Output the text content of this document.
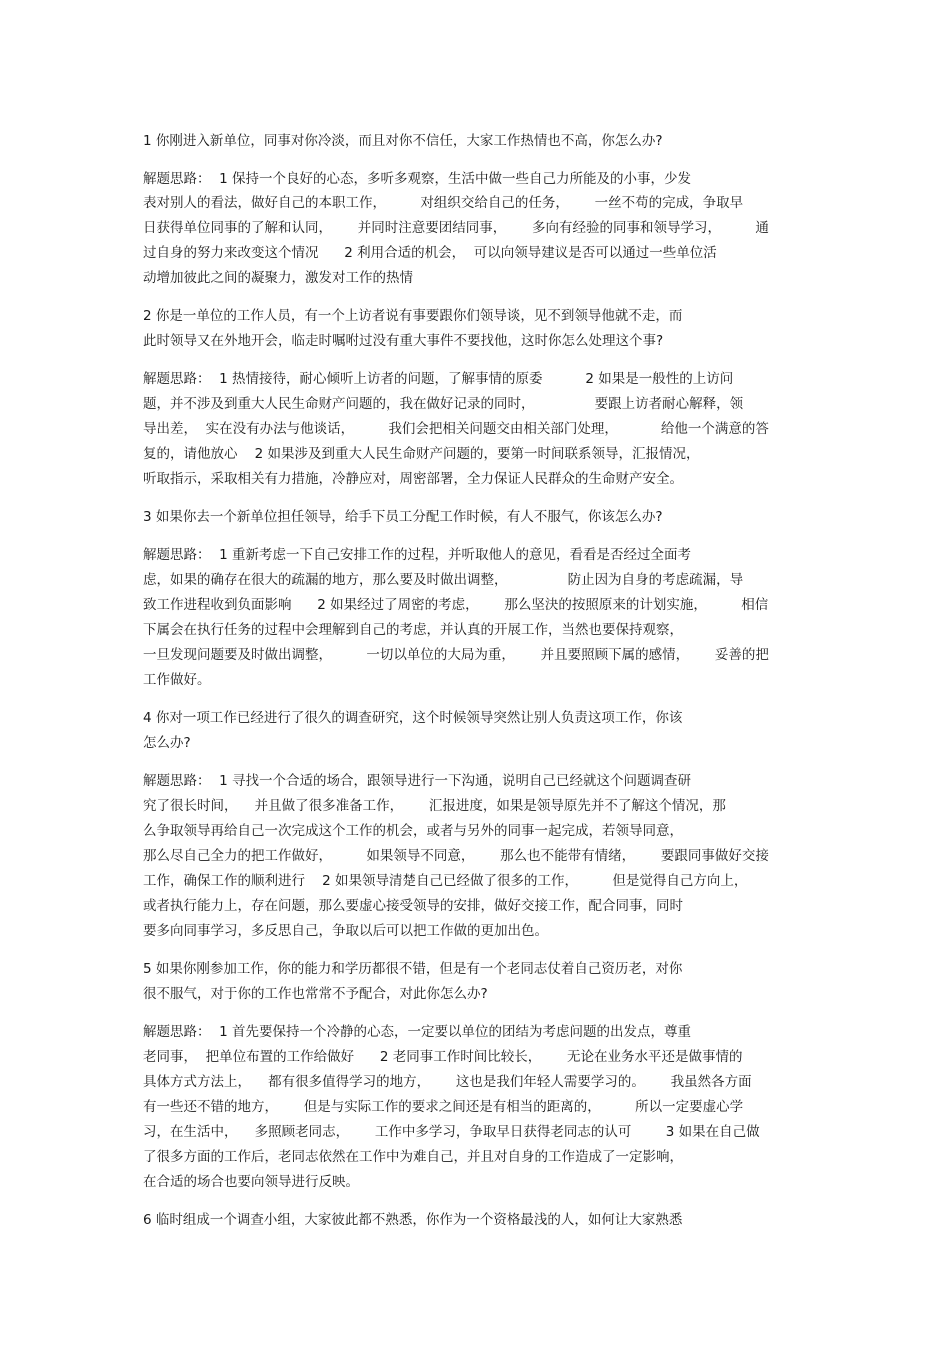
1 你刚进入新单位，同事对你冷淡，而且对你不信任，大家工作热情也不高，你怎么办?
解题思路：  1 保持一个良好的心态，多听多观察，生活中做一些自己力所能及的小事，少发
表对别人的看法，做好自己的本职工作，        对组织交给自己的任务，      一丝不苟的完成，争取早
日获得单位同事的了解和认同，      并同时注意要团结同事，      多向有经验的同事和领导学习，        通
过自身的努力来改变这个情况      2 利用合适的机会，  可以向领导建议是否可以通过一些单位活
动增加彼此之间的凝聚力，激发对工作的热情
2 你是一单位的工作人员，有一个上访者说有事要跟你们领导谈，见不到领导他就不走，而
此时领导又在外地开会，临走时嘱咐过没有重大事件不要找他，这时你怎么处理这个事?
解题思路：  1 热情接待，耐心倾听上访者的问题，了解事情的原委          2 如果是一般性的上访问
题，并不涉及到重大人民生命财产问题的，我在做好记录的同时，              要跟上访者耐心解释，领
导出差，  实在没有办法与他谈话，        我们会把相关问题交由相关部门处理，          给他一个满意的答
复的，请他放心    2 如果涉及到重大人民生命财产问题的，要第一时间联系领导，汇报情况，
听取指示，采取相关有力措施，冷静应对，周密部署，全力保证人民群众的生命财产安全。
3 如果你去一个新单位担任领导，给手下员工分配工作时候，有人不服气，你该怎么办?
解题思路：  1 重新考虑一下自己安排工作的过程，并听取他人的意见，看看是否经过全面考
虑，如果的确存在很大的疏漏的地方，那么要及时做出调整，              防止因为自身的考虑疏漏，导
致工作进程收到负面影响      2 如果经过了周密的考虑，      那么坚決的按照原来的计划实施，        相信
下属会在执行任务的过程中会理解到自己的考虑，并认真的开展工作，当然也要保持观察，
一旦发现问题要及时做出调整，        一切以单位的大局为重，      并且要照顾下属的感情，      妥善的把
工作做好。
4 你对一项工作已经进行了很久的调查研究，这个时候领导突然让别人负责这项工作，你该
怎么办?
解题思路：  1 寻找一个合适的场合，跟领导进行一下沟通，说明自己已经就这个问题调查研
究了很长时间，    并且做了很多准备工作，      汇报进度，如果是领导原先并不了解这个情况，那
么争取领导再给自己一次完成这个工作的机会，或者与另外的同事一起完成，若领导同意，
那么尽自己全力的把工作做好，        如果领导不同意，      那么也不能带有情绪，      要跟同事做好交接
工作，确保工作的顺利进行    2 如果领导清楚自己已经做了很多的工作，        但是觉得自己方向上，
或者执行能力上，存在问题，那么要虚心接受领导的安排，做好交接工作，配合同事，同时
要多向同事学习，多反思自己，争取以后可以把工作做的更加出色。
5 如果你刚参加工作，你的能力和学历都很不错，但是有一个老同志仗着自己资历老，对你
很不服气，对于你的工作也常常不予配合，对此你怎么办?
解题思路：  1 首先要保持一个冷静的心态，一定要以单位的团结为考虑问题的出发点，尊重
老同事，  把单位布置的工作给做好      2 老同事工作时间比较长，      无论在业务水平还是做事情的
具体方式方法上，    都有很多值得学习的地方，      这也是我们年轻人需要学习的。      我虽然各方面
有一些还不错的地方，      但是与实际工作的要求之间还是有相当的距离的，        所以一定要虚心学
习，在生活中，    多照顾老同志，      工作中多学习，争取早日获得老同志的认可        3 如果在自己做
了很多方面的工作后，老同志依然在工作中为难自己，并且对自身的工作造成了一定影响，
在合适的场合也要向领导进行反映。
6 临时组成一个调查小组，大家彼此都不熟悉，你作为一个资格最浅的人，如何让大家熟悉
